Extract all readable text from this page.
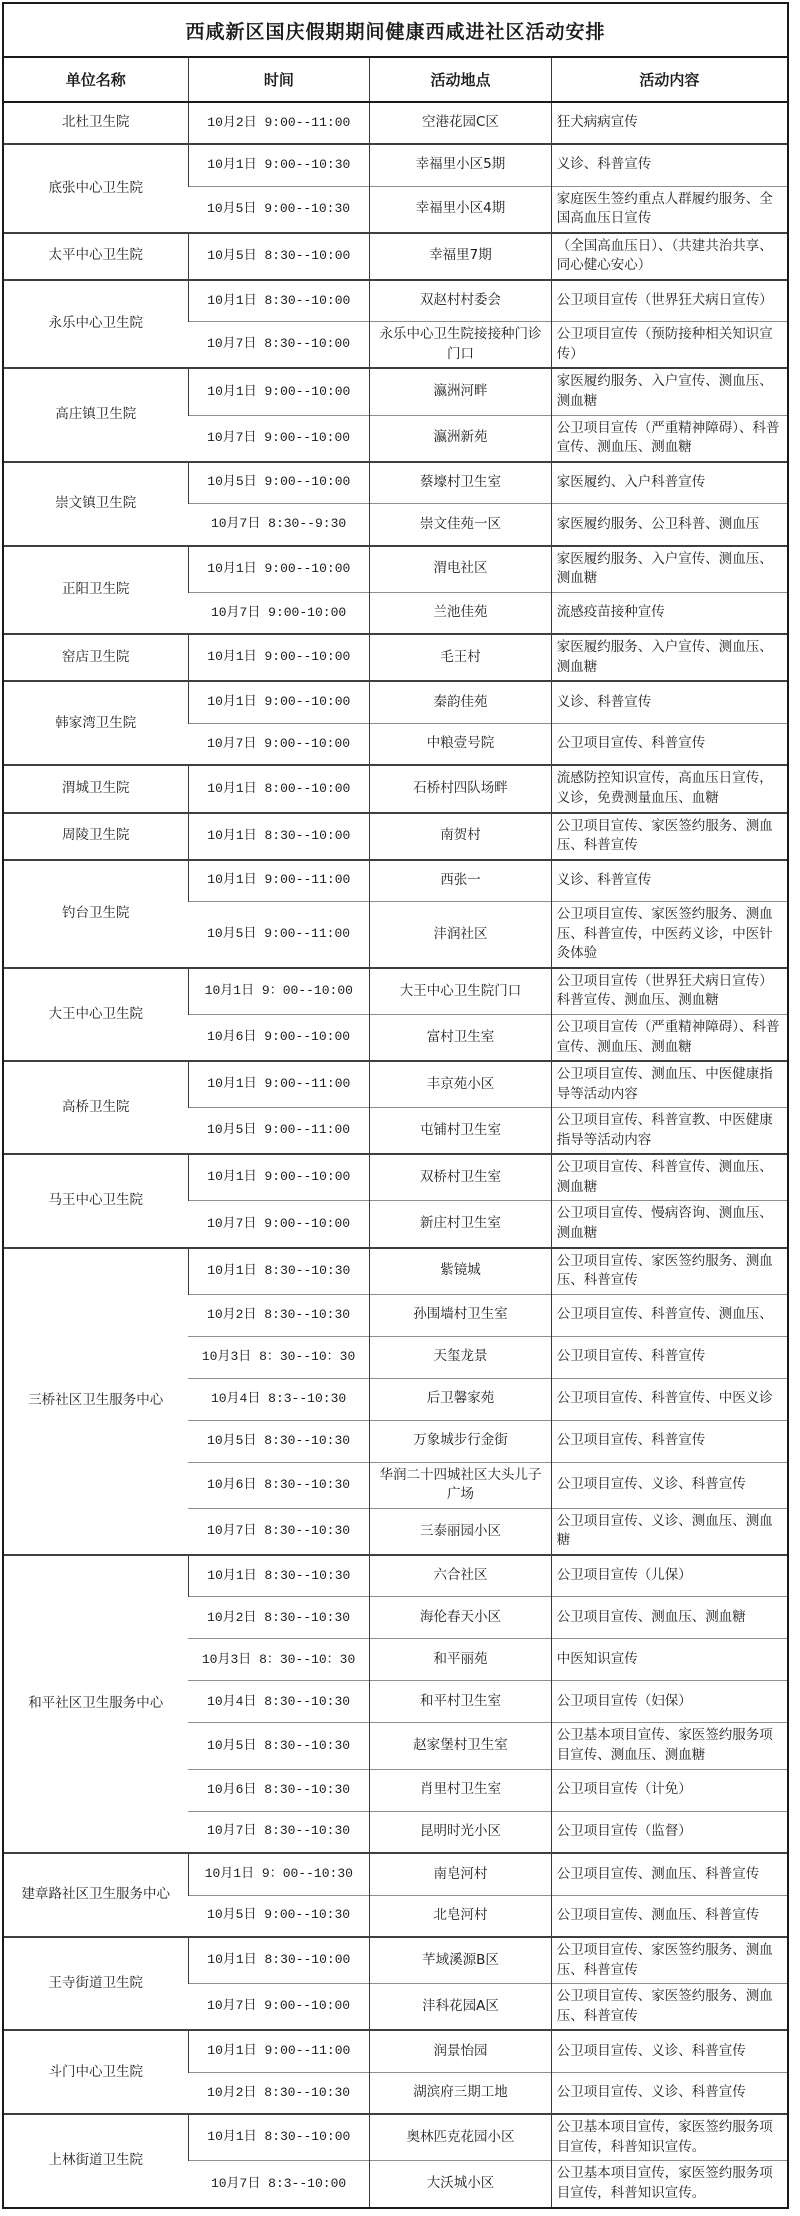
西咸新区国庆假期期间健康西咸进社区活动安排
单位名称	时间	活动地点	活动内容
北杜卫生院	10月2日 9:00--11:00	空港花园C区	狂犬病病宣传
底张中心卫生院	10月1日 9:00--10:30	幸福里小区5期	义诊、科普宣传
	10月5日 9:00--10:30	幸福里小区4期	家庭医生签约重点人群履约服务、全国高血压日宣传
太平中心卫生院	10月5日 8:30--10:00	幸福里7期	（全国高血压日）、（共建共治共享、同心健心安心）
永乐中心卫生院	10月1日 8:30--10:00	双赵村村委会	公卫项目宣传（世界狂犬病日宣传）
	10月7日 8:30--10:00	永乐中心卫生院接接种门诊门口	公卫项目宣传（预防接种相关知识宣传）
高庄镇卫生院	10月1日 9:00--10:00	瀛洲河畔	家医履约服务、入户宣传、测血压、测血糖
	10月7日 9:00--10:00	瀛洲新苑	公卫项目宣传（严重精神障碍）、科普宣传、测血压、测血糖
崇文镇卫生院	10月5日 9:00--10:00	蔡壕村卫生室	家医履约、入户科普宣传
	10月7日 8:30--9:30	崇文佳苑一区	家医履约服务、公卫科普、测血压
正阳卫生院	10月1日 9:00--10:00	渭电社区	家医履约服务、入户宣传、测血压、测血糖
	10月7日 9:00-10:00	兰池佳苑	流感疫苗接种宣传
窑店卫生院	10月1日 9:00--10:00	毛王村	家医履约服务、入户宣传、测血压、测血糖
韩家湾卫生院	10月1日 9:00--10:00	秦韵佳苑	义诊、科普宣传
	10月7日 9:00--10:00	中粮壹号院	公卫项目宣传、科普宣传
渭城卫生院	10月1日 8:00--10:00	石桥村四队场畔	流感防控知识宣传，高血压日宣传，义诊，免费测量血压、血糖
周陵卫生院	10月1日 8:30--10:00	南贺村	公卫项目宣传、家医签约服务、测血压、科普宣传
钓台卫生院	10月1日 9:00--11:00	西张一	义诊、科普宣传
	10月5日 9:00--11:00	沣润社区	公卫项目宣传、家医签约服务、测血压、科普宣传，中医药义诊，中医针灸体验
大王中心卫生院	10月1日 9：00--10:00	大王中心卫生院门口	公卫项目宣传（世界狂犬病日宣传）科普宣传、测血压、测血糖
	10月6日 9:00--10:00	富村卫生室	公卫项目宣传（严重精神障碍）、科普宣传、测血压、测血糖
高桥卫生院	10月1日 9:00--11:00	丰京苑小区	公卫项目宣传、测血压、中医健康指导等活动内容
	10月5日 9:00--11:00	屯铺村卫生室	公卫项目宣传、科普宣教、中医健康指导等活动内容
马王中心卫生院	10月1日 9:00--10:00	双桥村卫生室	公卫项目宣传、科普宣传、测血压、测血糖
	10月7日 9:00--10:00	新庄村卫生室	公卫项目宣传、慢病咨询、测血压、测血糖
三桥社区卫生服务中心	10月1日 8:30--10:30	紫镜城	公卫项目宣传、家医签约服务、测血压、科普宣传
	10月2日 8:30--10:30	孙围墙村卫生室	公卫项目宣传、科普宣传、测血压、
	10月3日 8：30--10：30	天玺龙景	公卫项目宣传、科普宣传
	10月4日 8:3--10:30	后卫馨家苑	公卫项目宣传、科普宣传、中医义诊
	10月5日 8:30--10:30	万象城步行金街	公卫项目宣传、科普宣传
	10月6日 8:30--10:30	华润二十四城社区大头儿子广场	公卫项目宣传、义诊、科普宣传
	10月7日 8:30--10:30	三泰丽园小区	公卫项目宣传、义诊、测血压、测血糖
和平社区卫生服务中心	10月1日 8:30--10:30	六合社区	公卫项目宣传（儿保）
	10月2日 8:30--10:30	海伦春天小区	公卫项目宣传、测血压、测血糖
	10月3日 8：30--10：30	和平丽苑	中医知识宣传
	10月4日 8:30--10:30	和平村卫生室	公卫项目宣传（妇保）
	10月5日 8:30--10:30	赵家堡村卫生室	公卫基本项目宣传、家医签约服务项目宣传、测血压、测血糖
	10月6日 8:30--10:30	肖里村卫生室	公卫项目宣传（计免）
	10月7日 8:30--10:30	昆明时光小区	公卫项目宣传（监督）
建章路社区卫生服务中心	10月1日 9：00--10:30	南皂河村	公卫项目宣传、测血压、科普宣传
	10月5日 9:00--10:30	北皂河村	公卫项目宣传、测血压、科普宣传
王寺街道卫生院	10月1日 8:30--10:00	芊域溪源B区	公卫项目宣传、家医签约服务、测血压、科普宣传
	10月7日 9:00--10:00	沣科花园A区	公卫项目宣传、家医签约服务、测血压、科普宣传
斗门中心卫生院	10月1日 9:00--11:00	润景怡园	公卫项目宣传、义诊、科普宣传
	10月2日 8:30--10:30	湖滨府三期工地	公卫项目宣传、义诊、科普宣传
上林街道卫生院	10月1日 8:30--10:00	奥林匹克花园小区	公卫基本项目宣传，家医签约服务项目宣传，科普知识宣传。
	10月7日 8:3--10:00	大沃城小区	公卫基本项目宣传，家医签约服务项目宣传，科普知识宣传。
